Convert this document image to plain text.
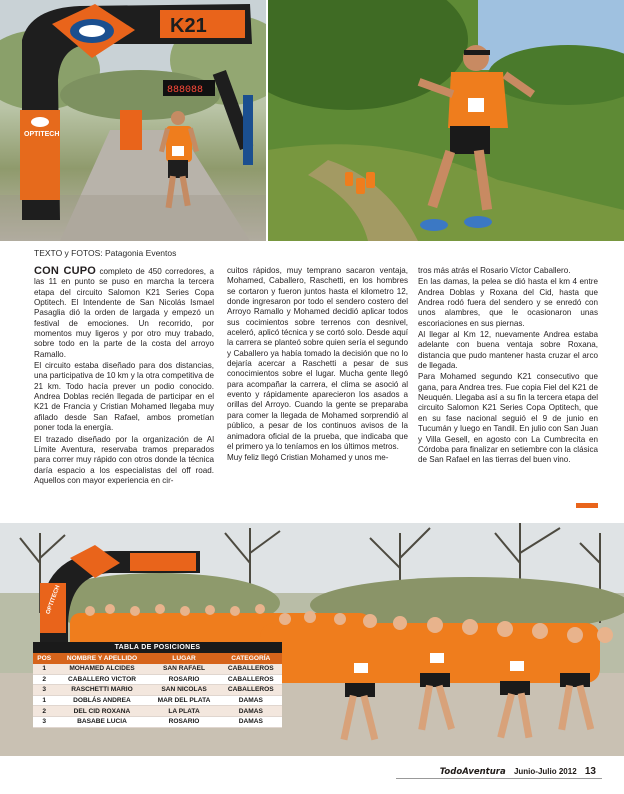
K21
OPTITECH
888088
TEXTO y FOTOS: Patagonia Eventos

CON CUPO completo de 450 corredores, a las 11 en punto se puso en marcha la tercera etapa del circuito Salomon K21 Series Copa Optitech. El Intendente de San Nicolás Ismael Pasaglia dió la orden de largada y empezó un festival de emociones. Un recorrido, por momentos muy ligeros y por otro muy trabado, sobre todo en la parte de la costa del arroyo Ramallo.

El circuito estaba diseñado para dos distancias, una participativa de 10 km y la otra competitiva de 21 km. Todo hacía prever un podio conocido. Andrea Doblas recién llegada de participar en el K21 de Francia y Cristian Mohamed llegaba muy afilado desde San Rafael, ambos prometían poner toda la energía.

El trazado diseñado por la organización de Al Límite Aventura, reservaba tramos preparados para correr muy rápido con otros donde la técnica daría espacio a los especialistas del off road. Aquellos con mayor experiencia en cir-

cuitos rápidos, muy temprano sacaron ventaja, Mohamed, Caballero, Raschetti, en los hombres se cortaron y fueron juntos hasta el kilometro 12, donde ingresaron por todo el sendero costero del Arroyo Ramallo y Mohamed decidió aplicar todos sus cocimientos sobre terrenos con desnivel, aceleró, aplicó técnica y se cortó solo. Desde aquí la carrera se planteó sobre quien sería el segundo y Caballero ya había tomado la decisión que no lo dejaría acercar a Raschetti a pesar de sus conocimientos sobre el lugar. Mucha gente llegó para acompañar la carrera, el clima se asoció al evento y rápidamente aparecieron los asados a orillas del Arroyo. Cuando la gente se preparaba para comer la llegada de Mohamed sorprendió al público, a pesar de los continuos avisos de la animadora oficial de la prueba, que indicaba que el primero ya lo teníamos en los últimos metros.

Muy feliz llegó Cristian Mohamed y unos me-

tros más atrás el Rosario Víctor Caballero.

En las damas, la pelea se dió hasta el km 4 entre Andrea Doblas y Roxana del Cid, hasta que Andrea rodó fuera del sendero y se enredó con unos alambres, que le ocasionaron unas escoriaciones en sus piernas.

Al llegar al Km 12, nuevamente Andrea estaba adelante con buena ventaja sobre Roxana, distancia que pudo mantener hasta cruzar el arco de llegada.

Para Mohamed segundo K21 consecutivo que gana, para Andrea tres. Fue copia Fiel del K21 de Neuquén. Llegaba así a su fin la tercera etapa del circuito Salomon K21 Series Copa Optitech, que en su fase nacional seguió el 9 de junio en Tucumán y luego en Tandil. En julio con San Juan y Villa Gesell, en agosto con La Cumbrecita en Córdoba para finalizar en setiembre con la clásica de San Rafael en las tierras del buen vino.

OPTITECH
TABLA DE POSICIONES
POS	NOMBRE Y APELLIDO	LUGAR	CATEGORÍA
1	MOHAMED ALCIDES	SAN RAFAEL	CABALLEROS
2	CABALLERO VICTOR	ROSARIO	CABALLEROS
3	RASCHETTI MARIO	SAN NICOLAS	CABALLEROS
1	DOBLÁS ANDREA	MAR DEL PLATA	DAMAS
2	DEL CID ROXANA	LA PLATA	DAMAS
3	BASABE LUCIA	ROSARIO	DAMAS
TodoAventura Junio-Julio 2012 13
